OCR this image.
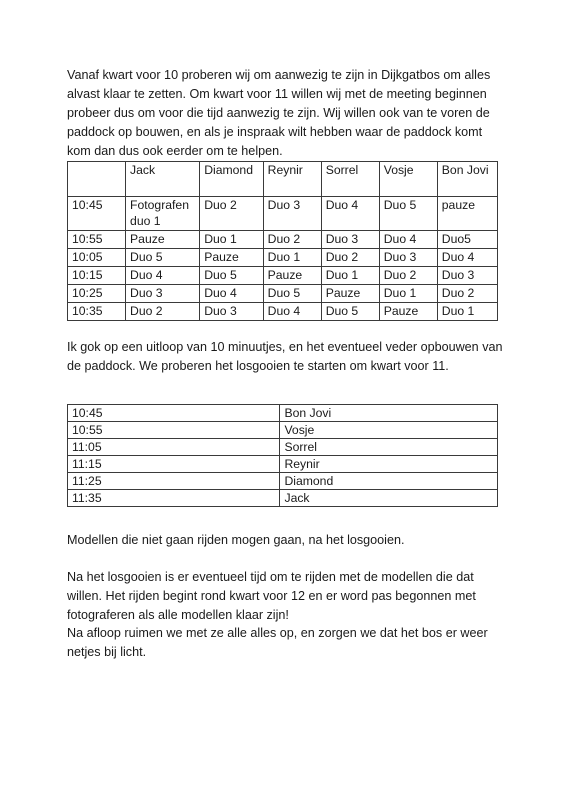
Vanaf kwart voor 10 proberen wij om aanwezig te zijn in Dijkgatbos om alles alvast klaar te zetten. Om kwart voor 11 willen wij met de meeting beginnen probeer dus om voor die tijd aanwezig te zijn. Wij willen ook van te voren de paddock op bouwen, en als je inspraak wilt hebben waar de paddock komt kom dan dus ook eerder om te helpen.

	Jack	Diamond	Reynir	Sorrel	Vosje	Bon Jovi
10:45	Fotografen duo 1	Duo 2	Duo 3	Duo 4	Duo 5	pauze
10:55	Pauze	Duo 1	Duo 2	Duo 3	Duo 4	Duo5
10:05	Duo 5	Pauze	Duo 1	Duo 2	Duo 3	Duo 4
10:15	Duo 4	Duo 5	Pauze	Duo 1	Duo 2	Duo 3
10:25	Duo 3	Duo 4	Duo 5	Pauze	Duo 1	Duo 2
10:35	Duo 2	Duo 3	Duo 4	Duo 5	Pauze	Duo 1

Ik gok op een uitloop van 10 minuutjes, en het eventueel veder opbouwen van de paddock. We proberen het losgooien te starten om kwart voor 11.

10:45	Bon Jovi
10:55	Vosje
11:05	Sorrel
11:15	Reynir
11:25	Diamond
11:35	Jack

Modellen die niet gaan rijden mogen gaan, na het losgooien.

Na het losgooien is er eventueel tijd om te rijden met de modellen die dat willen. Het rijden begint rond kwart voor 12 en er word pas begonnen met fotograferen als alle modellen klaar zijn!

Na afloop ruimen we met ze alle alles op, en zorgen we dat het bos er weer netjes bij licht.
